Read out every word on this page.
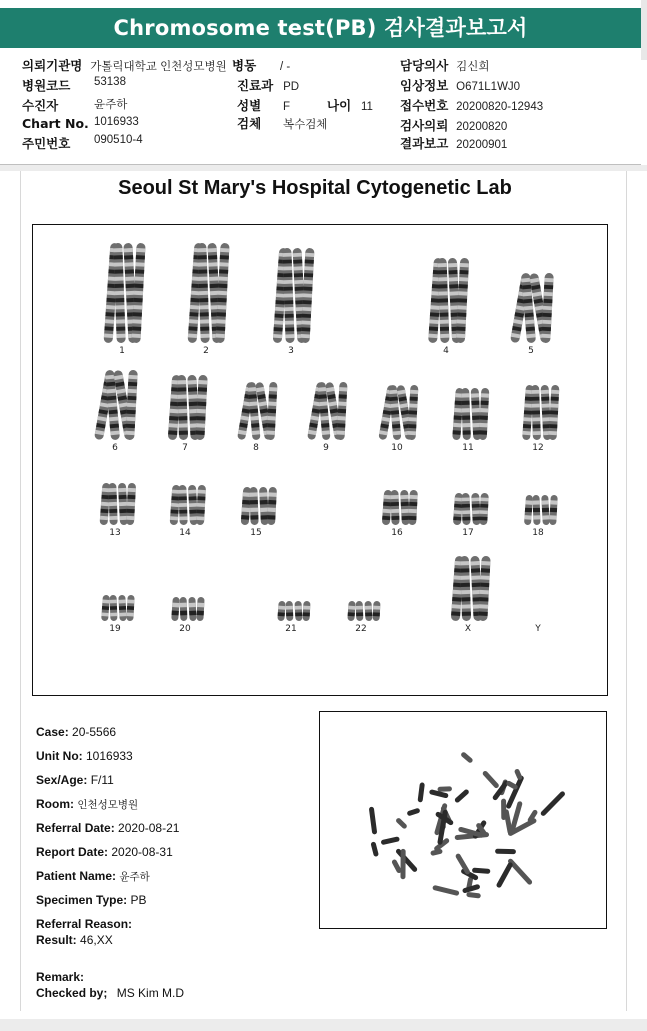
Chromosome test(PB) 검사결과보고서
의뢰기관명 가톨릭대학교 인천성모병원 병동 / -	담당의사 김신희
병원코드 53138	진료과 PD	임상정보 O671L1WJ0
수진자	윤주하	성별 F	나이 11 접수번호 20200820-12943
Chart No. 1016933	검체 복수검체	검사의뢰 20200820
주민번호 090510-4	결과보고 20200901
Seoul St Mary's Hospital Cytogenetic Lab
1	2	3	4	5
6	7	8	9	10	11	12
13	14	15	16	17	18
19	20	21	22	X	Y
Case: 20-5566
Unit No: 1016933
Sex/Age: F/11
Room: 인천성모병원
Referral Date: 2020-08-21
Report Date: 2020-08-31
Patient Name: 윤주하
Specimen Type: PB
Referral Reason:
Result: 46,XX
Remark:
Checked by; MS Kim M.D
